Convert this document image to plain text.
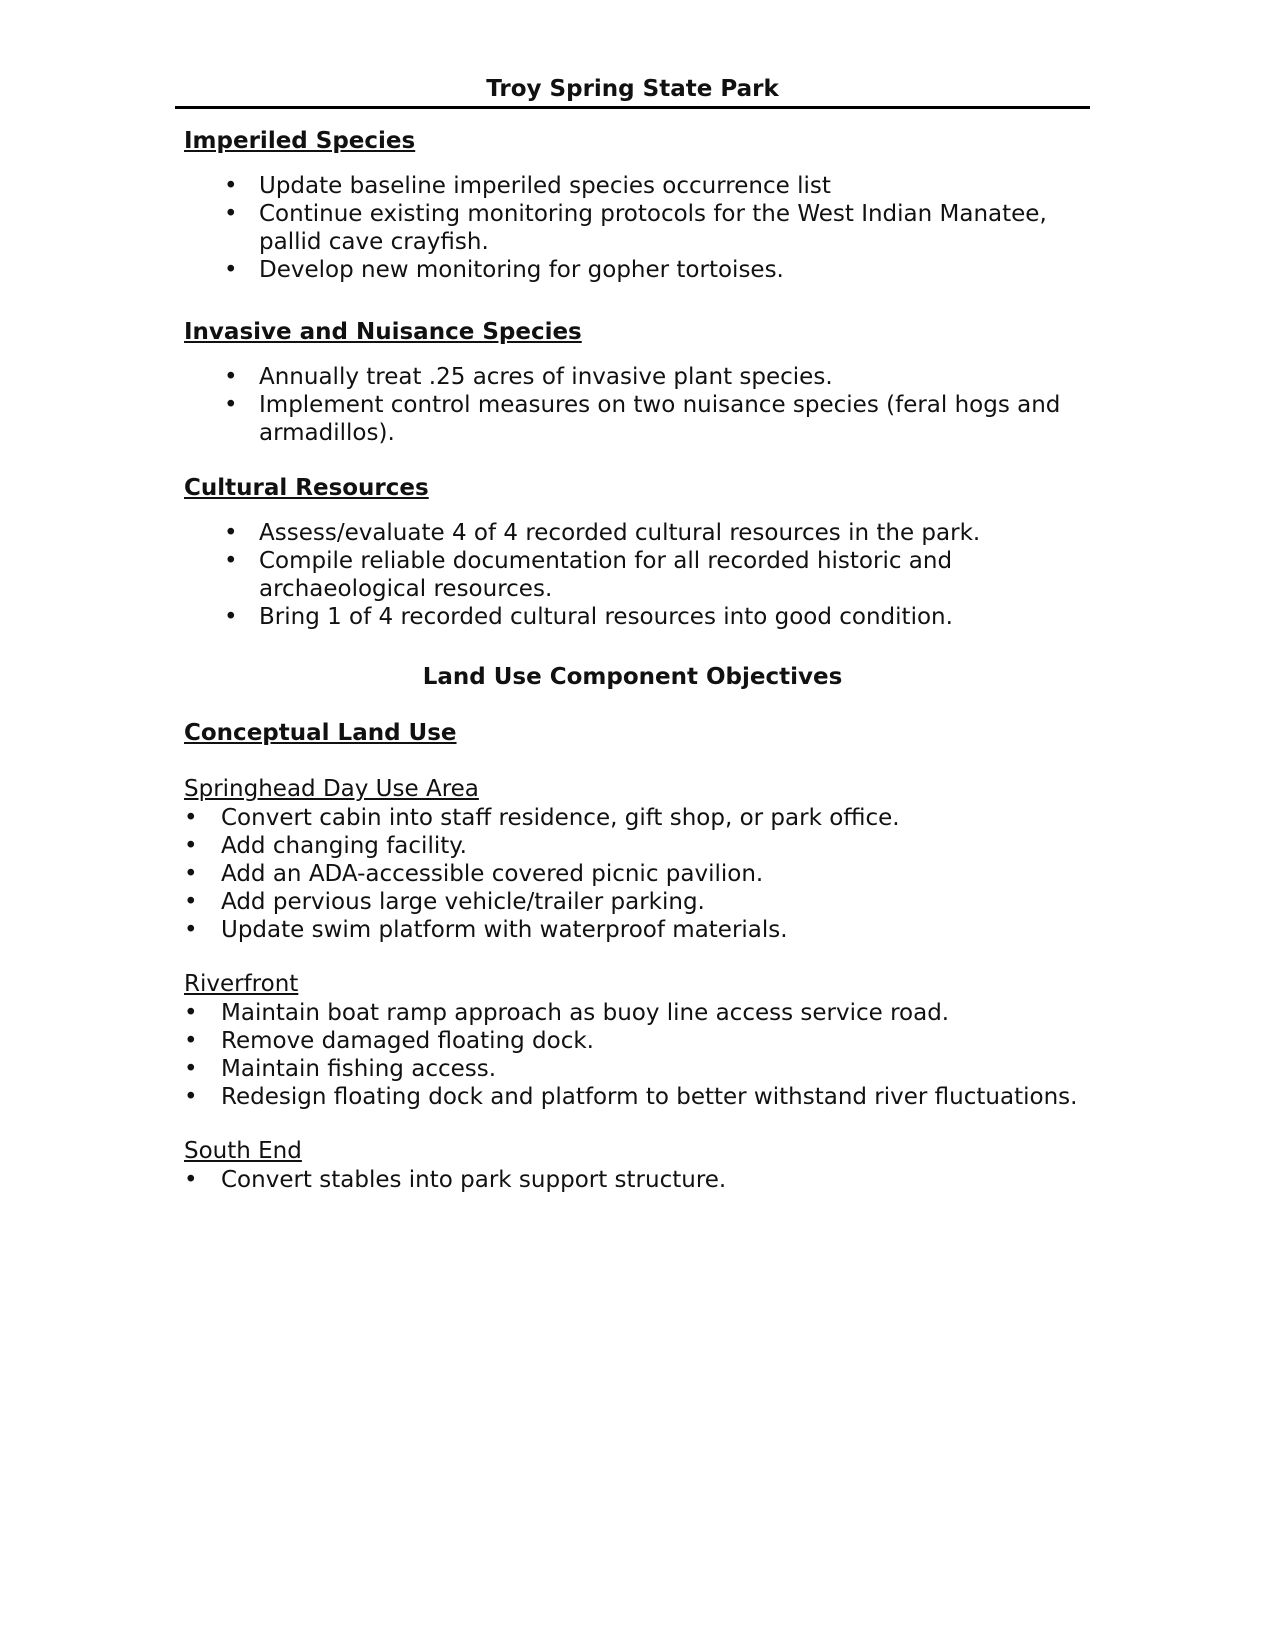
Troy Spring State Park
Imperiled Species
• Update baseline imperiled species occurrence list
• Continue existing monitoring protocols for the West Indian Manatee, pallid cave crayfish.
• Develop new monitoring for gopher tortoises.
Invasive and Nuisance Species
• Annually treat .25 acres of invasive plant species.
• Implement control measures on two nuisance species (feral hogs and armadillos).
Cultural Resources
• Assess/evaluate 4 of 4 recorded cultural resources in the park.
• Compile reliable documentation for all recorded historic and archaeological resources.
• Bring 1 of 4 recorded cultural resources into good condition.
Land Use Component Objectives
Conceptual Land Use
Springhead Day Use Area
• Convert cabin into staff residence, gift shop, or park office.
• Add changing facility.
• Add an ADA-accessible covered picnic pavilion.
• Add pervious large vehicle/trailer parking.
• Update swim platform with waterproof materials.
Riverfront
• Maintain boat ramp approach as buoy line access service road.
• Remove damaged floating dock.
• Maintain fishing access.
• Redesign floating dock and platform to better withstand river fluctuations.
South End
• Convert stables into park support structure.
